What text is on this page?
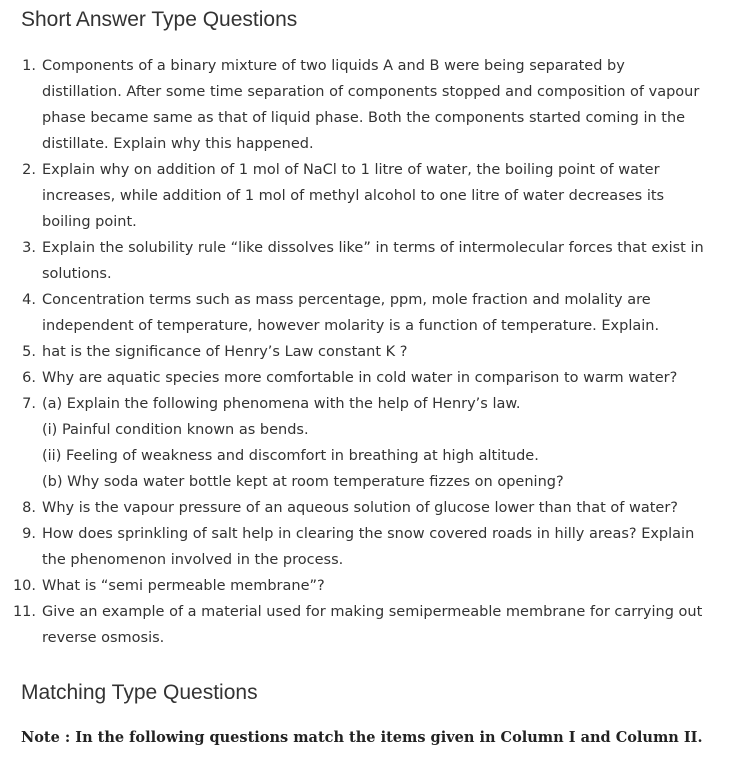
Short Answer Type Questions
1. Components of a binary mixture of two liquids A and B were being separated by
distillation. After some time separation of components stopped and composition of vapour
phase became same as that of liquid phase. Both the components started coming in the
distillate. Explain why this happened.
2. Explain why on addition of 1 mol of NaCl to 1 litre of water, the boiling point of water
increases, while addition of 1 mol of methyl alcohol to one litre of water decreases its
boiling point.
3. Explain the solubility rule “like dissolves like” in terms of intermolecular forces that exist in
solutions.
4. Concentration terms such as mass percentage, ppm, mole fraction and molality are
independent of temperature, however molarity is a function of temperature. Explain.
5. hat is the significance of Henry’s Law constant K ?
6. Why are aquatic species more comfortable in cold water in comparison to warm water?
7. (a) Explain the following phenomena with the help of Henry’s law.
(i) Painful condition known as bends.
(ii) Feeling of weakness and discomfort in breathing at high altitude.
(b) Why soda water bottle kept at room temperature fizzes on opening?
8. Why is the vapour pressure of an aqueous solution of glucose lower than that of water?
9. How does sprinkling of salt help in clearing the snow covered roads in hilly areas? Explain
the phenomenon involved in the process.
10. What is “semi permeable membrane”?
11. Give an example of a material used for making semipermeable membrane for carrying out
reverse osmosis.
Matching Type Questions

Note : In the following questions match the items given in Column I and Column II.
